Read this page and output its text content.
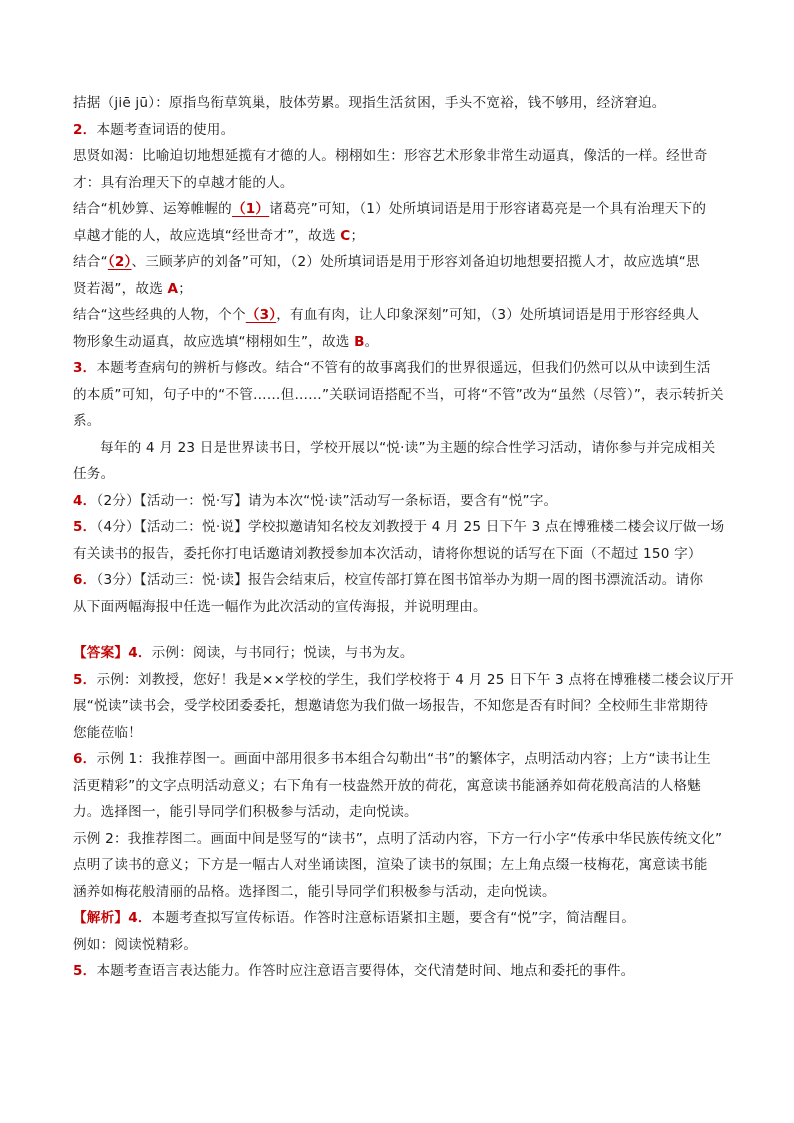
拮据（jiē jū）：原指鸟衔草筑巢，肢体劳累。现指生活贫困，手头不宽裕，钱不够用，经济窘迫。
2．本题考查词语的使用。
思贤如渴：比喻迫切地想延揽有才德的人。栩栩如生：形容艺术形象非常生动逼真，像活的一样。经世奇
才：具有治理天下的卓越才能的人。
结合“机妙算、运筹帷幄的（1）诸葛亮”可知，（1）处所填词语是用于形容诸葛亮是一个具有治理天下的
卓越才能的人，故应选填“经世奇才”，故选 C；
结合“（2）、三顾茅庐的刘备”可知，（2）处所填词语是用于形容刘备迫切地想要招揽人才，故应选填“思
贤若渴”，故选 A；
结合“这些经典的人物，个个（3），有血有肉，让人印象深刻”可知，（3）处所填词语是用于形容经典人
物形象生动逼真，故应选填“栩栩如生”，故选 B。
3．本题考查病句的辨析与修改。结合“不管有的故事离我们的世界很遥远，但我们仍然可以从中读到生活
的本质”可知，句子中的“不管……但……”关联词语搭配不当，可将“不管”改为“虽然（尽管）”，表示转折关
系。
每年的 4 月 23 日是世界读书日，学校开展以“悦·读”为主题的综合性学习活动，请你参与并完成相关
任务。
4．（2分）【活动一：悦·写】请为本次“悦·读”活动写一条标语，要含有“悦”字。
5．（4分）【活动二：悦·说】学校拟邀请知名校友刘教授于 4 月 25 日下午 3 点在博雅楼二楼会议厅做一场
有关读书的报告，委托你打电话邀请刘教授参加本次活动，请将你想说的话写在下面（不超过 150 字）
6．（3分）【活动三：悦·读】报告会结束后，校宣传部打算在图书馆举办为期一周的图书漂流活动。请你
从下面两幅海报中任选一幅作为此次活动的宣传海报，并说明理由。
【答案】4．示例：阅读，与书同行；悦读，与书为友。
5．示例：刘教授，您好！我是××学校的学生，我们学校将于 4 月 25 日下午 3 点将在博雅楼二楼会议厅开
展“悦读”读书会，受学校团委委托，想邀请您为我们做一场报告，不知您是否有时间？全校师生非常期待
您能莅临！
6．示例 1：我推荐图一。画面中部用很多书本组合勾勒出“书”的繁体字，点明活动内容；上方“读书让生
活更精彩”的文字点明活动意义；右下角有一枝盎然开放的荷花，寓意读书能涵养如荷花般高洁的人格魅
力。选择图一，能引导同学们积极参与活动，走向悦读。
示例 2：我推荐图二。画面中间是竖写的“读书”，点明了活动内容，下方一行小字“传承中华民族传统文化”
点明了读书的意义；下方是一幅古人对坐诵读图，渲染了读书的氛围；左上角点缀一枝梅花，寓意读书能
涵养如梅花般清丽的品格。选择图二，能引导同学们积极参与活动，走向悦读。
【解析】4．本题考查拟写宣传标语。作答时注意标语紧扣主题，要含有“悦”字，简洁醒目。
例如：阅读悦精彩。
5．本题考查语言表达能力。作答时应注意语言要得体，交代清楚时间、地点和委托的事件。
